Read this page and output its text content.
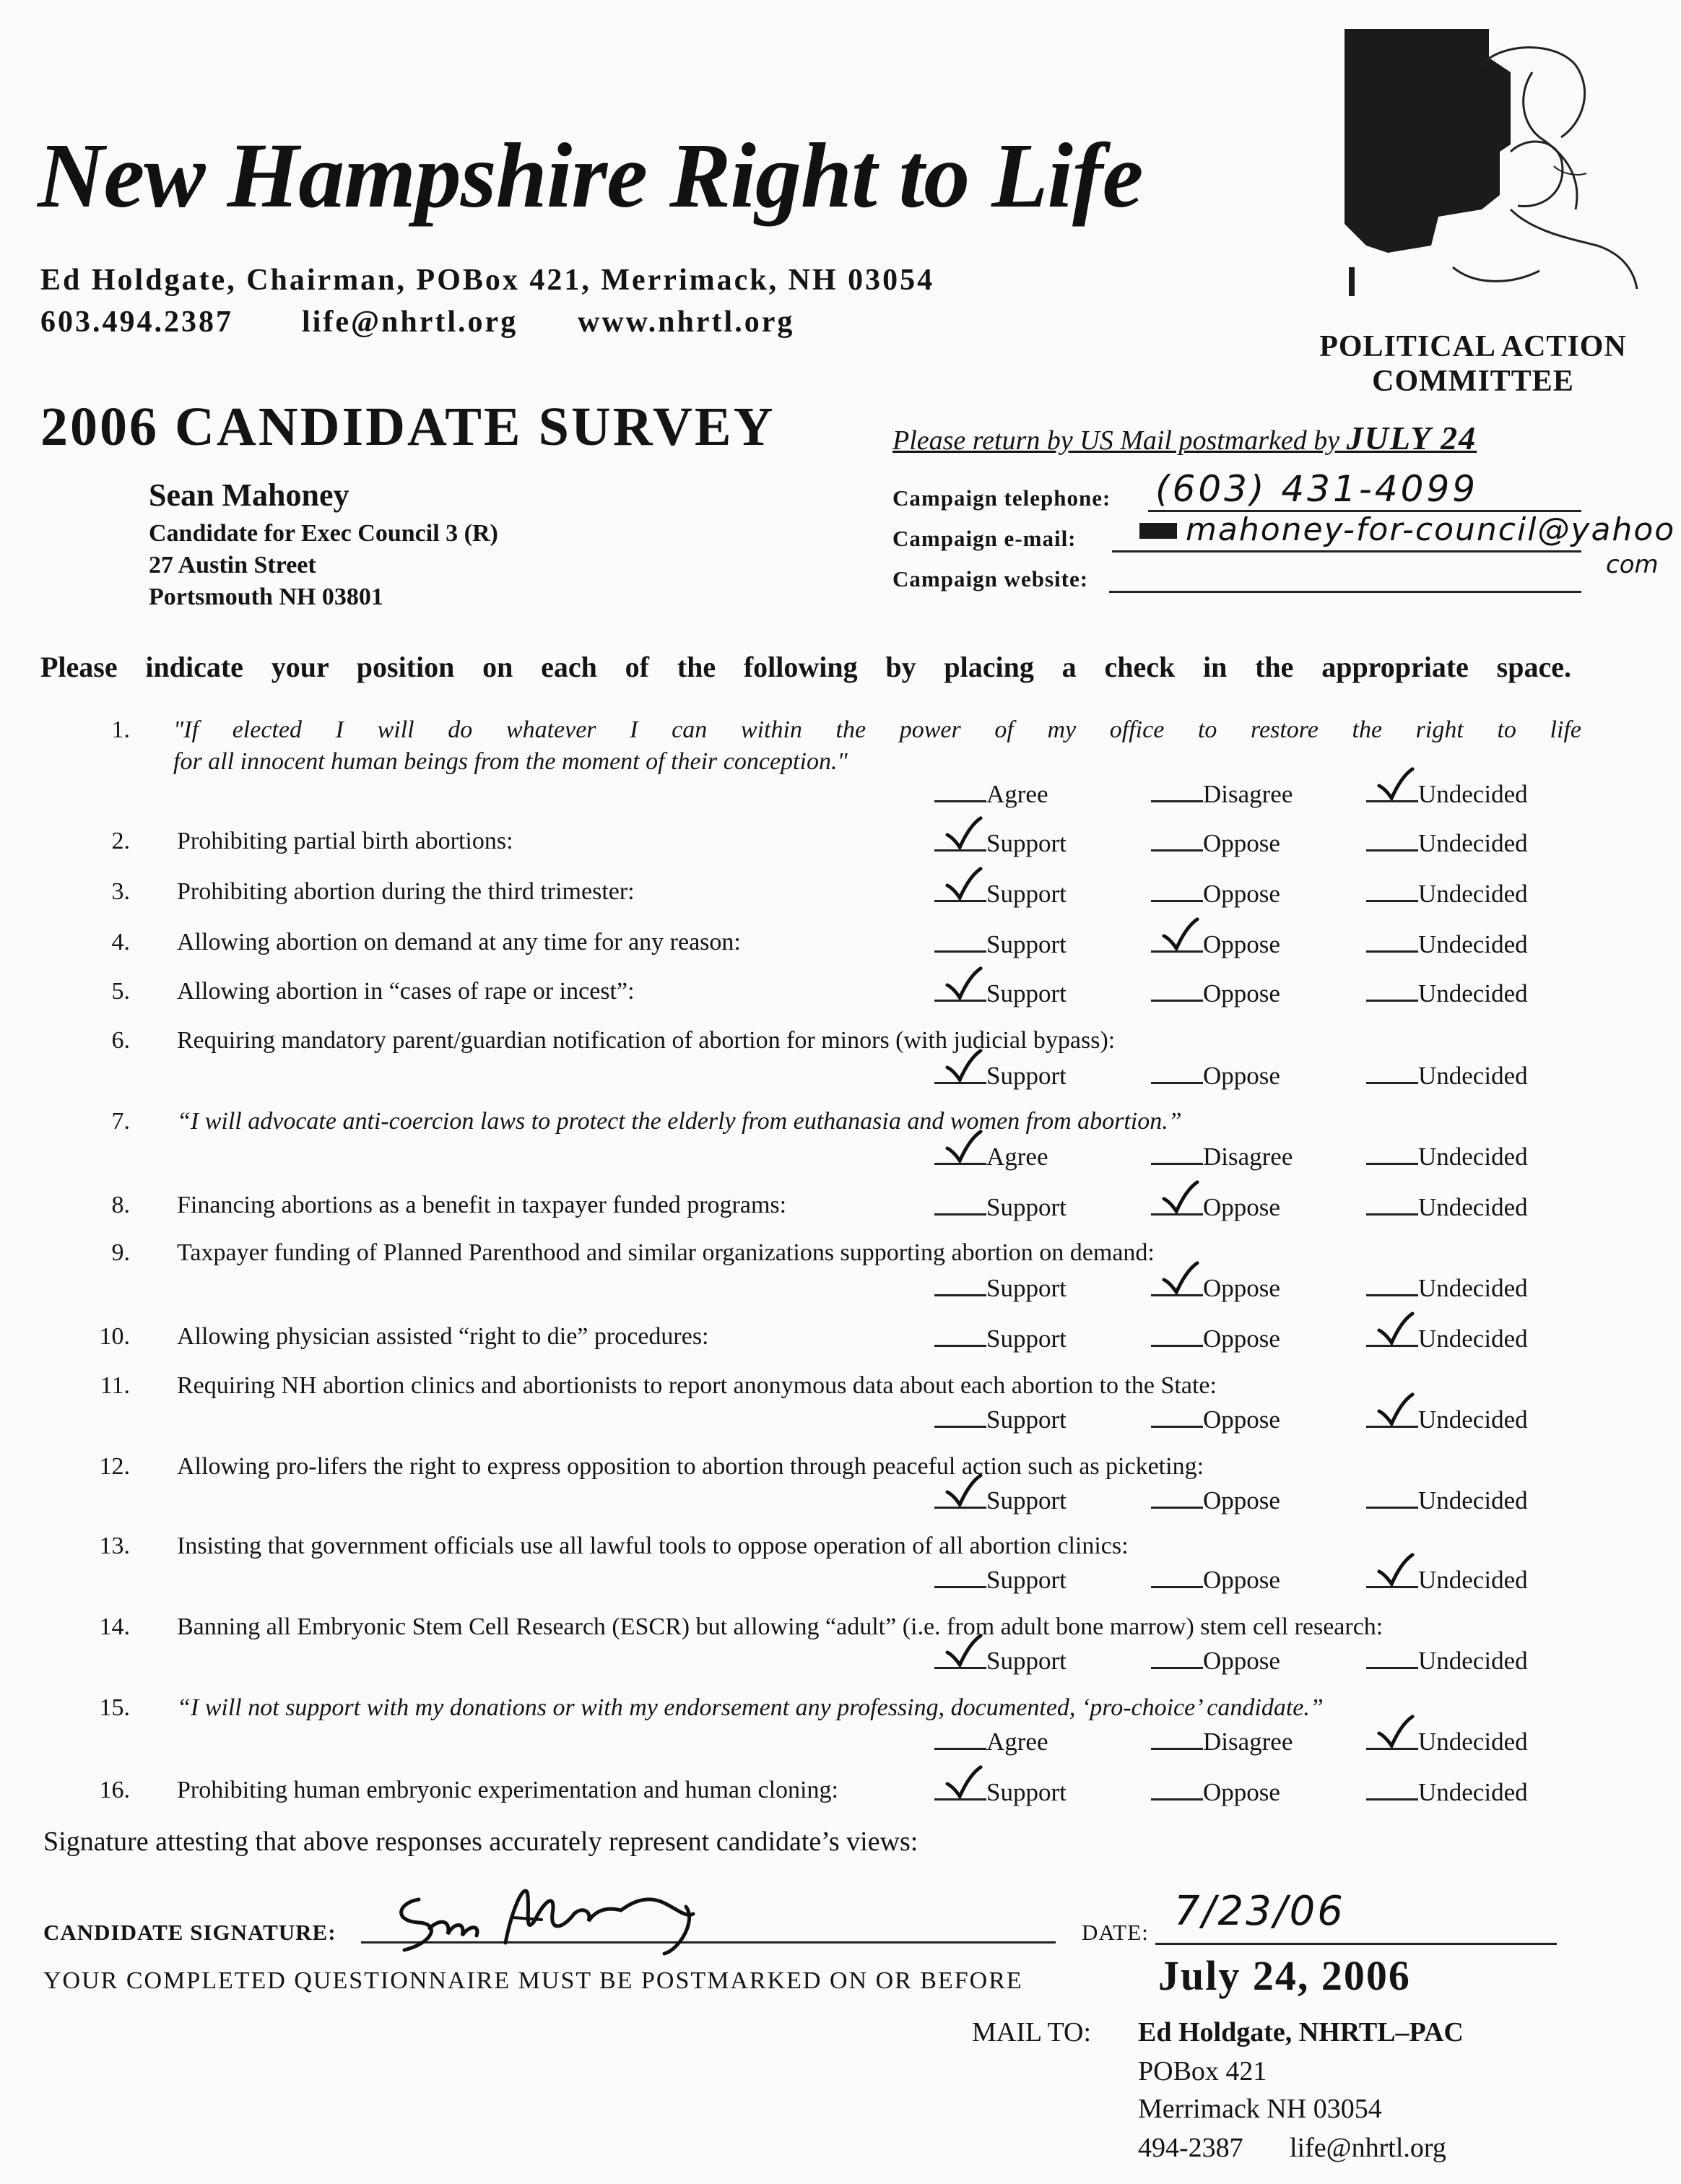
New Hampshire Right to Life
Ed Holdgate, Chairman, POBox 421, Merrimack, NH 03054
603.494.2387 life@nhrtl.org www.nhrtl.org
POLITICAL ACTION
COMMITTEE
2006 CANDIDATE SURVEY	Please return by US Mail postmarked by JULY 24
Sean Mahoney
Candidate for Exec Council 3 (R)
27 Austin Street
Portsmouth NH 03801
Campaign telephone: (603) 431-4099
Campaign e-mail:	mahoney-for-council@yahoo
com
Campaign website:
Please indicate your position on each of the following by placing a check in the appropriate space.
1. "If elected I will do whatever I can within the power of my office to restore the right to life
for all innocent human beings from the moment of their conception."
Agree	Disagree	Undecided
2. Prohibiting partial birth abortions:	Support	Oppose	Undecided
3. Prohibiting abortion during the third trimester:	Support	Oppose	Undecided
4. Allowing abortion on demand at any time for any reason:	Support	Oppose	Undecided
5. Allowing abortion in “cases of rape or incest”:	Support	Oppose	Undecided
6. Requiring mandatory parent/guardian notification of abortion for minors (with judicial bypass):
Support	Oppose	Undecided
7. “I will advocate anti-coercion laws to protect the elderly from euthanasia and women from abortion.”
Agree	Disagree	Undecided
8. Financing abortions as a benefit in taxpayer funded programs:	Support	Oppose	Undecided
9. Taxpayer funding of Planned Parenthood and similar organizations supporting abortion on demand:
Support	Oppose	Undecided
10. Allowing physician assisted “right to die” procedures:	Support	Oppose	Undecided
11. Requiring NH abortion clinics and abortionists to report anonymous data about each abortion to the State:
Support	Oppose	Undecided
12. Allowing pro-lifers the right to express opposition to abortion through peaceful action such as picketing:
Support	Oppose	Undecided
13. Insisting that government officials use all lawful tools to oppose operation of all abortion clinics:
Support	Oppose	Undecided
14. Banning all Embryonic Stem Cell Research (ESCR) but allowing “adult” (i.e. from adult bone marrow) stem cell research:
Support	Oppose	Undecided
15. “I will not support with my donations or with my endorsement any professing, documented, ‘pro-choice’ candidate.”
Agree	Disagree	Undecided
16. Prohibiting human embryonic experimentation and human cloning:	Support	Oppose	Undecided
Signature attesting that above responses accurately represent candidate’s views:
CANDIDATE SIGNATURE:	DATE: 7/23/06
YOUR COMPLETED QUESTIONNAIRE MUST BE POSTMARKED ON OR BEFORE	July 24, 2006
MAIL TO: Ed Holdgate, NHRTL–PAC
POBox 421
Merrimack NH 03054
494-2387 life@nhrtl.org
